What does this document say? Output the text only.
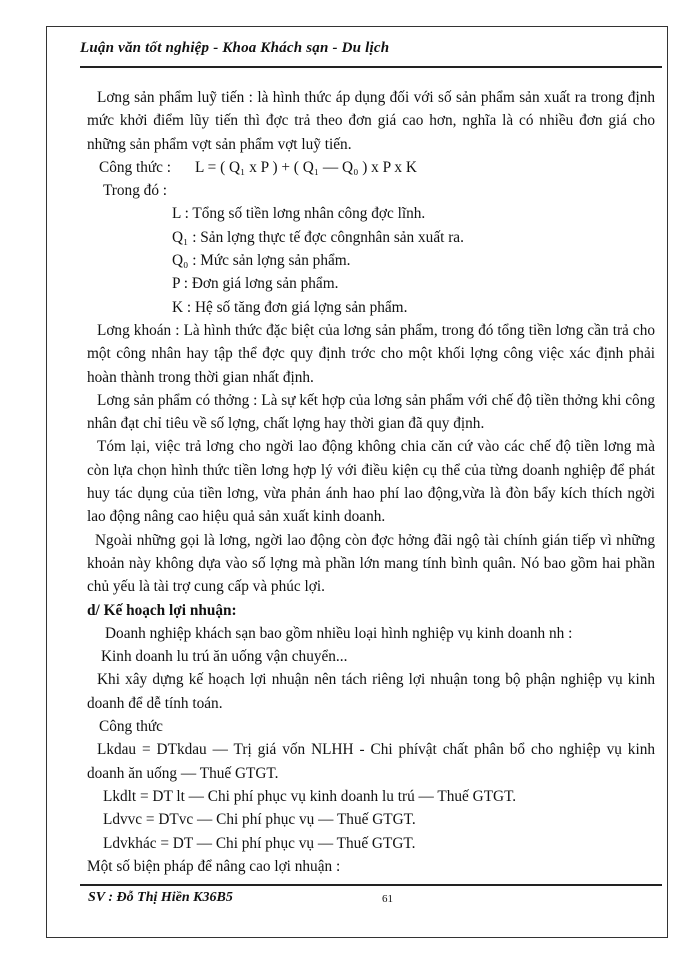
Luận văn tốt nghiệp - Khoa Khách sạn - Du lịch

Lơng sản phẩm luỹ tiến : là hình thức áp dụng đối với số sản phẩm sản xuất ra trong định mức khởi điểm lũy tiến thì đợc trả theo đơn giá cao hơn, nghĩa là có nhiều đơn giá cho những sản phẩm vợt sản phẩm vợt luỹ tiến.

Công thức : L = ( Q₁ x P ) + ( Q₁ — Q₀ ) x P x K

Trong đó :

L : Tổng số tiền lơng nhân công đợc lĩnh.

Q₁ : Sản lợng thực tế đợc côngnhân sản xuất ra.

Q₀ : Mức sản lợng sản phẩm.

P : Đơn giá lơng sản phẩm.

K : Hệ số tăng đơn giá lợng sản phẩm.

Lơng khoán : Là hình thức đặc biệt của lơng sản phẩm, trong đó tổng tiền lơng cần trả cho một công nhân hay tập thể đợc quy định trớc cho một khối lợng công việc xác định phải hoàn thành trong thời gian nhất định.

Lơng sản phẩm có thởng : Là sự kết hợp của lơng sản phẩm với chế độ tiền thởng khi công nhân đạt chỉ tiêu về số lợng, chất lợng hay thời gian đã quy định.

Tóm lại, việc trả lơng cho ngời lao động không chia căn cứ vào các chế độ tiền lơng mà còn lựa chọn hình thức tiền lơng hợp lý với điều kiện cụ thể của từng doanh nghiệp để phát huy tác dụng của tiền lơng, vừa phản ánh hao phí lao động,vừa là đòn bẩy kích thích ngời lao động nâng cao hiệu quả sản xuất kinh doanh.

Ngoài những gọi là lơng, ngời lao động còn đợc hởng đãi ngộ tài chính gián tiếp vì những khoản này không dựa vào số lợng mà phần lớn mang tính bình quân. Nó bao gồm hai phần chủ yếu là tài trợ cung cấp và phúc lợi.

d/ Kế hoạch lợi nhuận:

Doanh nghiệp khách sạn bao gồm nhiều loại hình nghiệp vụ kinh doanh nh :

Kinh doanh lu trú ăn uống vận chuyển...

Khi xây dựng kế hoạch lợi nhuận nên tách riêng lợi nhuận tong bộ phận nghiệp vụ kinh doanh để dễ tính toán.

Công thức

Lkdau = DTkdau — Trị giá vốn NLHH - Chi phívật chất phân bổ cho nghiệp vụ kinh doanh ăn uống — Thuế GTGT.

Lkdlt = DT lt — Chi phí phục vụ kinh doanh lu trú — Thuế GTGT.

Ldvvc = DTvc — Chi phí phục vụ — Thuế GTGT.

Ldvkhác = DT — Chi phí phục vụ — Thuế GTGT.

Một số biện pháp để nâng cao lợi nhuận :

SV : Đỗ Thị Hiền K36B5	61
